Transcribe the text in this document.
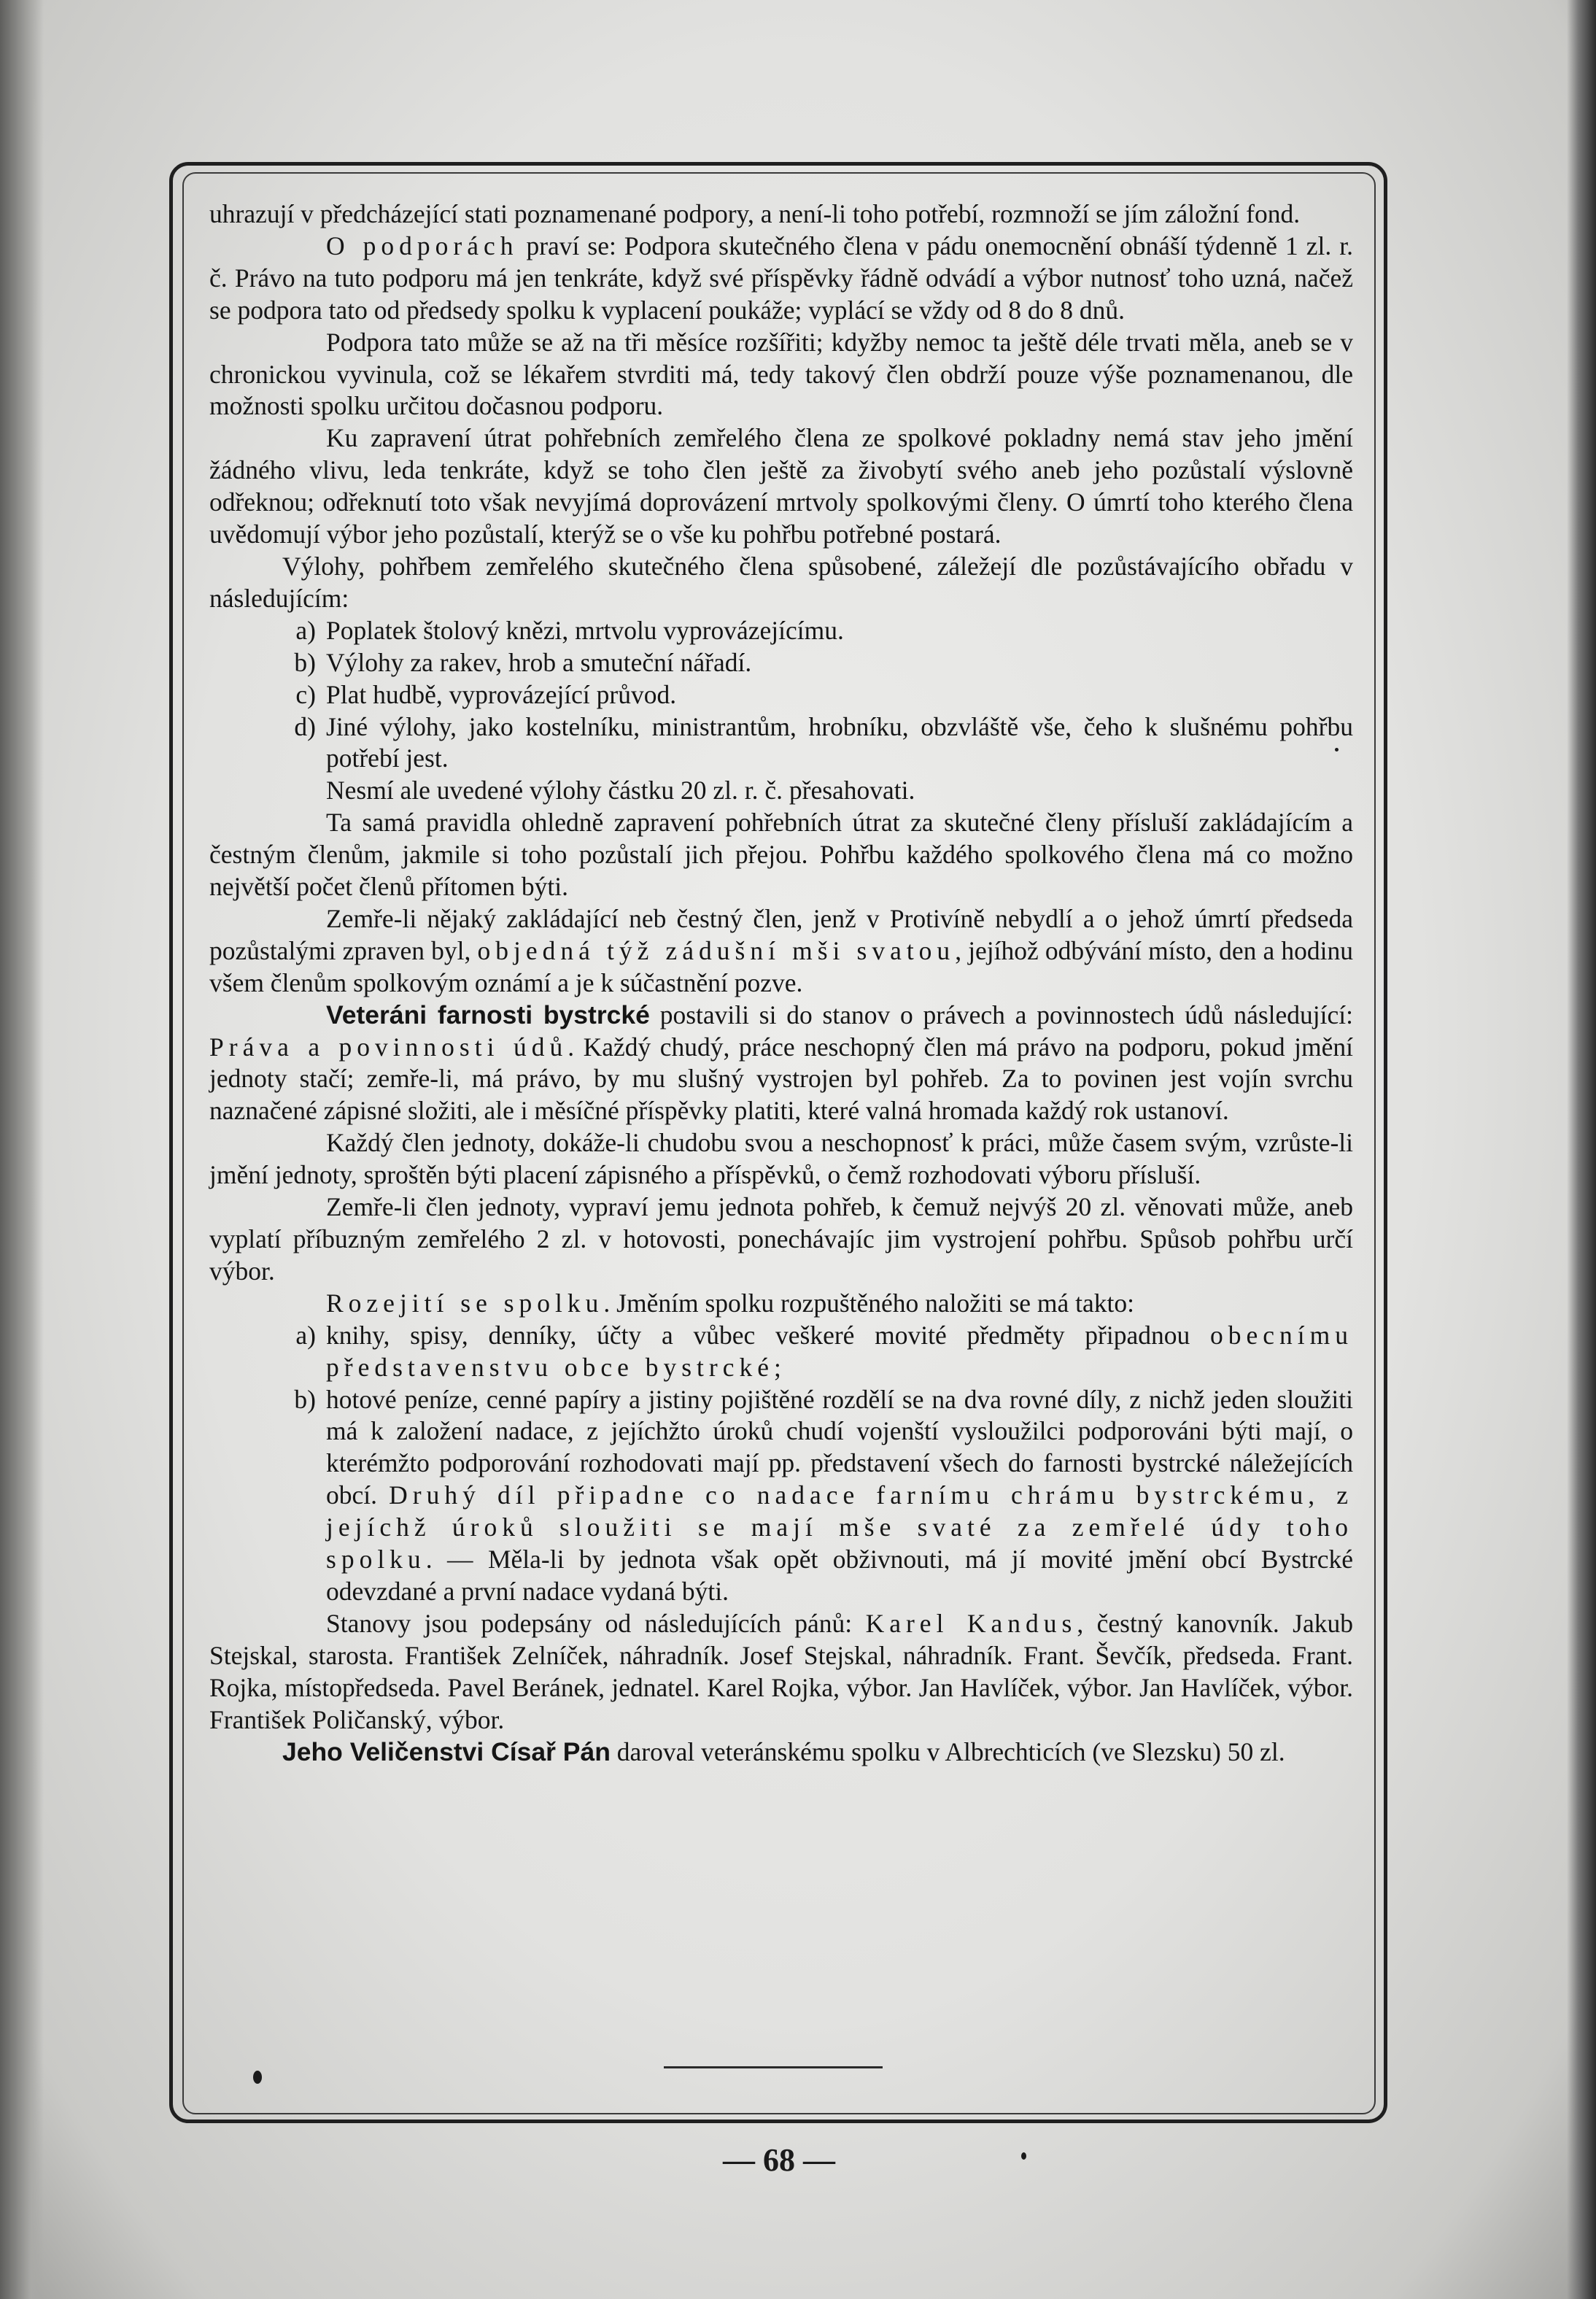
uhrazují v předcházející stati poznamenané podpory, a není-li toho potřebí, rozmnoží se jím záložní fond.

O podporách praví se: Podpora skutečného člena v pádu onemocnění obnáší týdenně 1 zl. r. č. Právo na tuto podporu má jen tenkráte, když své příspěvky řádně odvádí a výbor nutnosť toho uzná, načež se podpora tato od předsedy spolku k vyplacení poukáže; vyplácí se vždy od 8 do 8 dnů.

Podpora tato může se až na tři měsíce rozšířiti; kdyžby nemoc ta ještě déle trvati měla, aneb se v chronickou vyvinula, což se lékařem stvrditi má, tedy takový člen obdrží pouze výše poznamenanou, dle možnosti spolku určitou dočasnou podporu.

Ku zapravení útrat pohřebních zemřelého člena ze spolkové pokladny nemá stav jeho jmění žádného vlivu, leda tenkráte, když se toho člen ještě za živobytí svého aneb jeho pozůstalí výslovně odřeknou; odřeknutí toto však nevyjímá doprovázení mrtvoly spolkovými členy. O úmrtí toho kterého člena uvědomují výbor jeho pozůstalí, kterýž se o vše ku pohřbu potřebné postará.

Výlohy, pohřbem zemřelého skutečného člena spůsobené, záležejí dle pozůstávajícího obřadu v následujícím:

a) Poplatek štolový knězi, mrtvolu vyprovázejícímu.
b) Výlohy za rakev, hrob a smuteční nářadí.
c) Plat hudbě, vyprovázející průvod.
d) Jiné výlohy, jako kostelníku, ministrantům, hrobníku, obzvláště vše, čeho k slušnému pohřbu potřebí jest.

Nesmí ale uvedené výlohy částku 20 zl. r. č. přesahovati.

Ta samá pravidla ohledně zapravení pohřebních útrat za skutečné členy přísluší zakládajícím a čestným členům, jakmile si toho pozůstalí jich přejou. Pohřbu každého spolkového člena má co možno největší počet členů přítomen býti.

Zemře-li nějaký zakládající neb čestný člen, jenž v Protivíně nebydlí a o jehož úmrtí předseda pozůstalými zpraven byl, objedná týž zádušní mši svatou, jejíhož odbývání místo, den a hodinu všem členům spolkovým oznámí a je k súčastnění pozve.

Veteráni farnosti bystrcké postavili si do stanov o právech a povinnostech údů následující: Práva a povinnosti údů. Každý chudý, práce neschopný člen má právo na podporu, pokud jmění jednoty stačí; zemře-li, má právo, by mu slušný vystrojen byl pohřeb. Za to povinen jest vojín svrchu naznačené zápisné složiti, ale i měsíčné příspěvky platiti, které valná hromada každý rok ustanoví.

Každý člen jednoty, dokáže-li chudobu svou a neschopnosť k práci, může časem svým, vzrůste-li jmění jednoty, sproštěn býti placení zápisného a příspěvků, o čemž rozhodovati výboru přísluší.

Zemře-li člen jednoty, vypraví jemu jednota pohřeb, k čemuž nejvýš 20 zl. věnovati může, aneb vyplatí příbuzným zemřelého 2 zl. v hotovosti, ponechávajíc jim vystrojení pohřbu. Spůsob pohřbu určí výbor.

Rozejití se spolku. Jměním spolku rozpuštěného naložiti se má takto:

a) knihy, spisy, denníky, účty a vůbec veškeré movité předměty připadnou obecnímu představenstvu obce bystrcké;
b) hotové peníze, cenné papíry a jistiny pojištěné rozdělí se na dva rovné díly, z nichž jeden sloužiti má k založení nadace, z jejíchžto úroků chudí vojenští vysloužilci podporováni býti mají, o kterémžto podporování rozhodovati mají pp. představení všech do farnosti bystrcké náležejících obcí. Druhý díl připadne co nadace farnímu chrámu bystrckému, z jejíchž úroků sloužiti se mají mše svaté za zemřelé údy toho spolku. — Měla-li by jednota však opět obživnouti, má jí movité jmění obcí Bystrcké odevzdané a první nadace vydaná býti.

Stanovy jsou podepsány od následujících pánů: Karel Kandus, čestný kanovník. Jakub Stejskal, starosta. František Zelníček, náhradník. Josef Stejskal, náhradník. Frant. Ševčík, předseda. Frant. Rojka, místopředseda. Pavel Beránek, jednatel. Karel Rojka, výbor. Jan Havlíček, výbor. Jan Havlíček, výbor. František Poličanský, výbor.

Jeho Veličenstvi Císař Pán daroval veteránskému spolku v Albrechticích (ve Slezsku) 50 zl.

— 68 —
